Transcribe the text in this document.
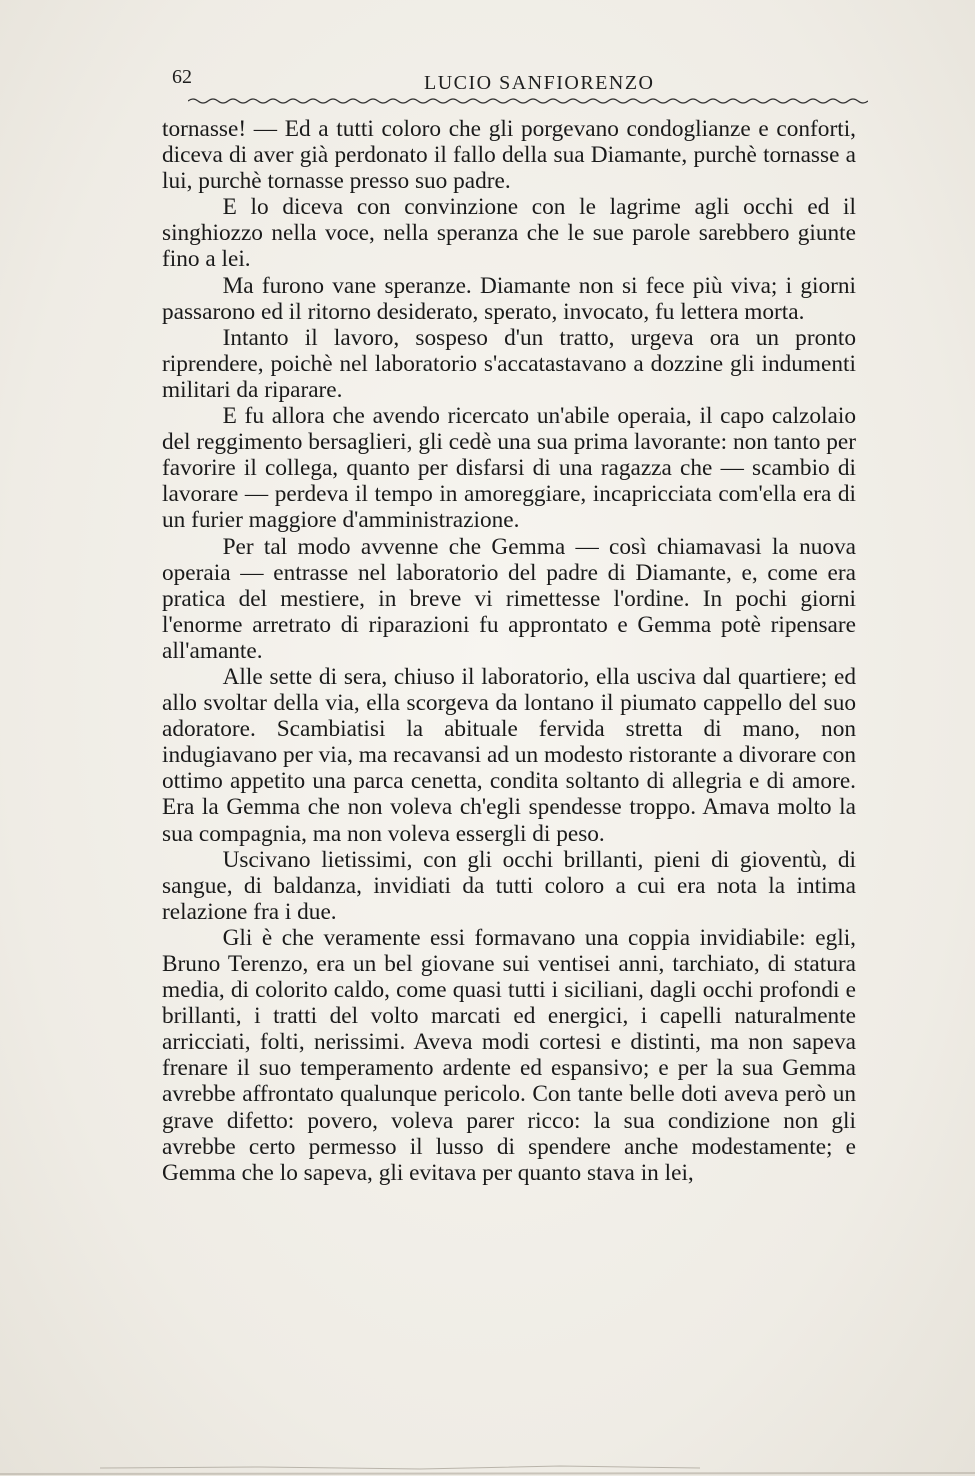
62	LUCIO SANFIORENZO

tornasse! — Ed a tutti coloro che gli porgevano condoglianze e conforti, diceva di aver già perdonato il fallo della sua Diamante, purchè tornasse a lui, purchè tornasse presso suo padre.

E lo diceva con convinzione con le lagrime agli occhi ed il singhiozzo nella voce, nella speranza che le sue parole sarebbero giunte fino a lei.

Ma furono vane speranze. Diamante non si fece più viva; i giorni passarono ed il ritorno desiderato, sperato, invocato, fu lettera morta.

Intanto il lavoro, sospeso d'un tratto, urgeva ora un pronto riprendere, poichè nel laboratorio s'accatastavano a dozzine gli indumenti militari da riparare.

E fu allora che avendo ricercato un'abile operaia, il capo calzolaio del reggimento bersaglieri, gli cedè una sua prima lavorante: non tanto per favorire il collega, quanto per disfarsi di una ragazza che — scambio di lavorare — perdeva il tempo in amoreggiare, incapricciata com'ella era di un furier maggiore d'amministrazione.

Per tal modo avvenne che Gemma — così chiamavasi la nuova operaia — entrasse nel laboratorio del padre di Diamante, e, come era pratica del mestiere, in breve vi rimettesse l'ordine. In pochi giorni l'enorme arretrato di riparazioni fu approntato e Gemma potè ripensare all'amante.

Alle sette di sera, chiuso il laboratorio, ella usciva dal quartiere; ed allo svoltar della via, ella scorgeva da lontano il piumato cappello del suo adoratore. Scambiatisi la abituale fervida stretta di mano, non indugiavano per via, ma recavansi ad un modesto ristorante a divorare con ottimo appetito una parca cenetta, condita soltanto di allegria e di amore. Era la Gemma che non voleva ch'egli spendesse troppo. Amava molto la sua compagnia, ma non voleva essergli di peso.

Uscivano lietissimi, con gli occhi brillanti, pieni di gioventù, di sangue, di baldanza, invidiati da tutti coloro a cui era nota la intima relazione fra i due.

Gli è che veramente essi formavano una coppia invidiabile: egli, Bruno Terenzo, era un bel giovane sui ventisei anni, tarchiato, di statura media, di colorito caldo, come quasi tutti i siciliani, dagli occhi profondi e brillanti, i tratti del volto marcati ed energici, i capelli naturalmente arricciati, folti, nerissimi. Aveva modi cortesi e distinti, ma non sapeva frenare il suo temperamento ardente ed espansivo; e per la sua Gemma avrebbe affrontato qualunque pericolo. Con tante belle doti aveva però un grave difetto: povero, voleva parer ricco: la sua condizione non gli avrebbe certo permesso il lusso di spendere anche modestamente; e Gemma che lo sapeva, gli evitava per quanto stava in lei,
